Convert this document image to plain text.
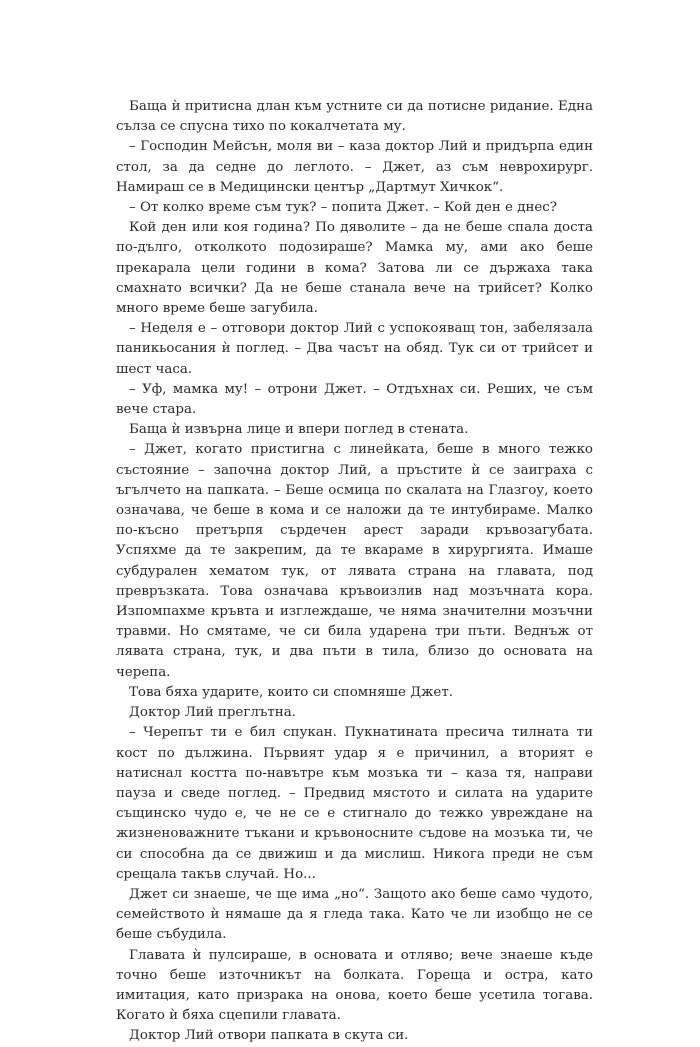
Баща ѝ притисна длан към устните си да потисне ридание. Една сълза се спусна тихо по кокалчетата му.

– Господин Мейсън, моля ви – каза доктор Лий и придърпа един стол, за да седне до леглото. – Джет, аз съм неврохирург. Намираш се в Медицински център „Дартмут Хичкок“.

– От колко време съм тук? – попита Джет. – Кой ден е днес?

Кой ден или коя година? По дяволите – да не беше спала доста по-дълго, отколкото подозираше? Мамка му, ами ако беше прекарала цели години в кома? Затова ли се държаха така смахнато всички? Да не беше станала вече на трийсет? Колко много време беше загубила.

– Неделя е – отговори доктор Лий с успокояващ тон, забелязала паникьосания ѝ поглед. – Два часът на обяд. Тук си от трийсет и шест часа.

– Уф, мамка му! – отрони Джет. – Отдъхнах си. Реших, че съм вече стара.

Баща ѝ извърна лице и впери поглед в стената.

– Джет, когато пристигна с линейката, беше в много тежко състояние – започна доктор Лий, а пръстите ѝ се заиграха с ъгълчето на папката. – Беше осмица по скалата на Глазгоу, което означава, че беше в кома и се наложи да те интубираме. Малко по-късно претърпя сърдечен арест заради кръвозагубата. Успяхме да те закрепим, да те вкараме в хирургията. Имаше субдурален хематом тук, от лявата страна на главата, под превръзката. Това означава кръвоизлив над мозъчната кора. Изпомпахме кръвта и изглеждаше, че няма значителни мозъчни травми. Но смятаме, че си била ударена три пъти. Веднъж от лявата страна, тук, и два пъти в тила, близо до основата на черепа.

Това бяха ударите, които си спомняше Джет.

Доктор Лий преглътна.

– Черепът ти е бил спукан. Пукнатината пресича тилната ти кост по дължина. Първият удар я е причинил, а вторият е натиснал костта по-навътре към мозъка ти – каза тя, направи пауза и сведе поглед. – Предвид мястото и силата на ударите същинско чудо е, че не се е стигнало до тежко увреждане на жизненоважните тъкани и кръвоносните съдове на мозъка ти, че си способна да се движиш и да мислиш. Никога преди не съм срещала такъв случай. Но...

Джет си знаеше, че ще има „но“. Защото ако беше само чудото, семейството ѝ нямаше да я гледа така. Като че ли изобщо не се беше събудила.

Главата ѝ пулсираше, в основата и отляво; вече знаеше къде точно беше източникът на болката. Гореща и остра, като имитация, като призрака на онова, което беше усетила тогава. Когато ѝ бяха сцепили главата.

Доктор Лий отвори папката в скута си.
